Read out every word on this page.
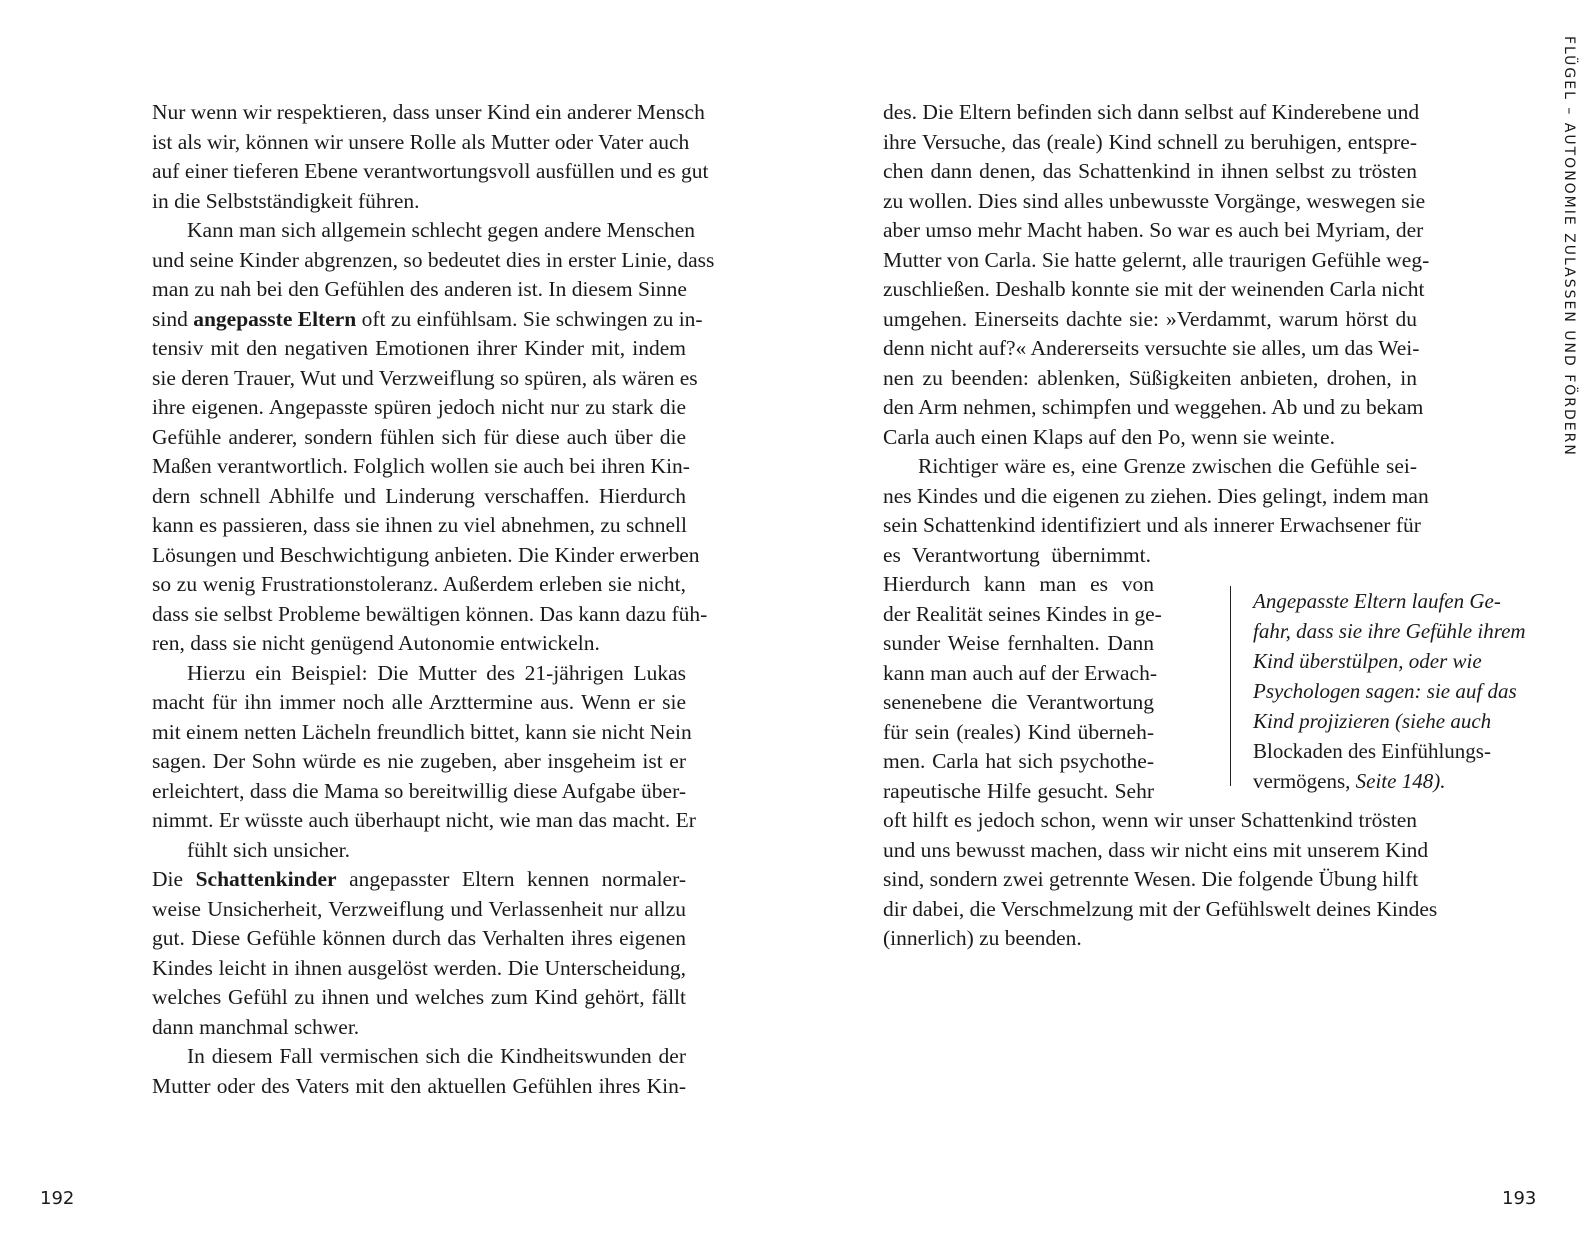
Nur wenn wir respektieren, dass unser Kind ein anderer Mensch
ist als wir, können wir unsere Rolle als Mutter oder Vater auch
auf einer tieferen Ebene verantwortungsvoll ausfüllen und es gut
in die Selbstständigkeit führen.
Kann man sich allgemein schlecht gegen andere Menschen
und seine Kinder abgrenzen, so bedeutet dies in erster Linie, dass
man zu nah bei den Gefühlen des anderen ist. In diesem Sinne
sind angepasste Eltern oft zu einfühlsam. Sie schwingen zu in-
tensiv mit den negativen Emotionen ihrer Kinder mit, indem
sie deren Trauer, Wut und Verzweiflung so spüren, als wären es
ihre eigenen. Angepasste spüren jedoch nicht nur zu stark die
Gefühle anderer, sondern fühlen sich für diese auch über die
Maßen verantwortlich. Folglich wollen sie auch bei ihren Kin-
dern schnell Abhilfe und Linderung verschaffen. Hierdurch
kann es passieren, dass sie ihnen zu viel abnehmen, zu schnell
Lösungen und Beschwichtigung anbieten. Die Kinder erwerben
so zu wenig Frustrationstoleranz. Außerdem erleben sie nicht,
dass sie selbst Probleme bewältigen können. Das kann dazu füh-
ren, dass sie nicht genügend Autonomie entwickeln.
Hierzu ein Beispiel: Die Mutter des 21-jährigen Lukas
macht für ihn immer noch alle Arzttermine aus. Wenn er sie
mit einem netten Lächeln freundlich bittet, kann sie nicht Nein
sagen. Der Sohn würde es nie zugeben, aber insgeheim ist er
erleichtert, dass die Mama so bereitwillig diese Aufgabe über-
nimmt. Er wüsste auch überhaupt nicht, wie man das macht. Er
fühlt sich unsicher.
Die Schattenkinder angepasster Eltern kennen normaler-
weise Unsicherheit, Verzweiflung und Verlassenheit nur allzu
gut. Diese Gefühle können durch das Verhalten ihres eigenen
Kindes leicht in ihnen ausgelöst werden. Die Unterscheidung,
welches Gefühl zu ihnen und welches zum Kind gehört, fällt
dann manchmal schwer.
In diesem Fall vermischen sich die Kindheitswunden der
Mutter oder des Vaters mit den aktuellen Gefühlen ihres Kin-
des. Die Eltern befinden sich dann selbst auf Kinderebene und
ihre Versuche, das (reale) Kind schnell zu beruhigen, entspre-
chen dann denen, das Schattenkind in ihnen selbst zu trösten
zu wollen. Dies sind alles unbewusste Vorgänge, weswegen sie
aber umso mehr Macht haben. So war es auch bei Myriam, der
Mutter von Carla. Sie hatte gelernt, alle traurigen Gefühle weg-
zuschließen. Deshalb konnte sie mit der weinenden Carla nicht
umgehen. Einerseits dachte sie: »Verdammt, warum hörst du
denn nicht auf?« Andererseits versuchte sie alles, um das Wei-
nen zu beenden: ablenken, Süßigkeiten anbieten, drohen, in
den Arm nehmen, schimpfen und weggehen. Ab und zu bekam
Carla auch einen Klaps auf den Po, wenn sie weinte.
Richtiger wäre es, eine Grenze zwischen die Gefühle sei-
nes Kindes und die eigenen zu ziehen. Dies gelingt, indem man
sein Schattenkind identifiziert und als innerer Erwachsener für
es Verantwortung übernimmt.
Hierdurch kann man es von
der Realität seines Kindes in ge-
sunder Weise fernhalten. Dann
kann man auch auf der Erwach-
senenebene die Verantwortung
für sein (reales) Kind überneh-
men. Carla hat sich psychothe-
rapeutische Hilfe gesucht. Sehr
oft hilft es jedoch schon, wenn wir unser Schattenkind trösten
und uns bewusst machen, dass wir nicht eins mit unserem Kind
sind, sondern zwei getrennte Wesen. Die folgende Übung hilft
dir dabei, die Verschmelzung mit der Gefühlswelt deines Kindes
(innerlich) zu beenden.
Angepasste Eltern laufen Ge-
fahr, dass sie ihre Gefühle ihrem
Kind überstülpen, oder wie
Psychologen sagen: sie auf das
Kind projizieren (siehe auch
Blockaden des Einfühlungs-
vermögens, Seite 148).
FLÜGEL – AUTONOMIE ZULASSEN UND FÖRDERN
192	193
